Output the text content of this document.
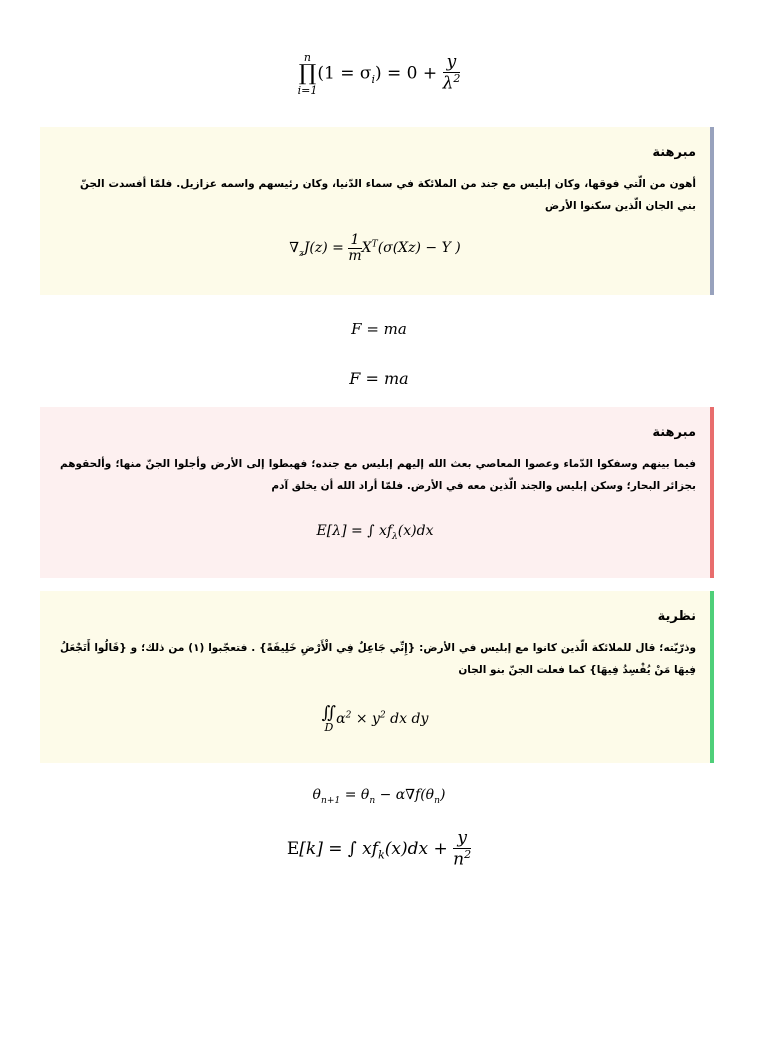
n
∏
i=1
$(1 = \sigma_i) = 0 + \frac{y}{\lambda^2}$
مبرهنة
أهون من الّتي فوقها، وكان إبليس مع جند من الملائكة في سماء الدّنيا، وكان رئيسهم واسمه عزازيل. فلمّا أفسدت الجنّ بني الجان الّذين سكنوا الأرض
$\nabla_zJ(z) = \frac{1}{m} X^T(\sigma(Xz) - Y$ )
F = ma
F = ma
مبرهنة
فيما بينهم وسفكوا الدّماء وعصوا المعاصي بعث الله إليهم إبليس مع جنده؛ فهبطوا إلى الأرض وأجلوا الجنّ منها؛ وألحقوهم بجزائر البحار؛ وسكن إبليس والجند الّذين معه في الأرض. فلمّا أراد الله أن يخلق آدم
E[λ] = ∫ $xf_\lambda(x)dx$
نظرية
وذرّيّته؛ قال للملائكة الّذين كانوا مع إبليس في الأرض: {إِنِّي جَاعِلٌ فِي الْأَرْضِ خَلِيفَةً} . فتعجّبوا (١) من ذلك؛ و {قَالُوا أَتَجْعَلُ فِيهَا مَنْ يُفْسِدُ فِيهَا} كما فعلت الجنّ بنو الجان
∬
D
$\alpha^2 \times y^2$ dx dy
$\theta_{n+1} = \theta_n - \alpha\nabla f(\theta_n)$
E[k] = ∫ $xf_k(x)dx + \frac{y}{n^2}$
